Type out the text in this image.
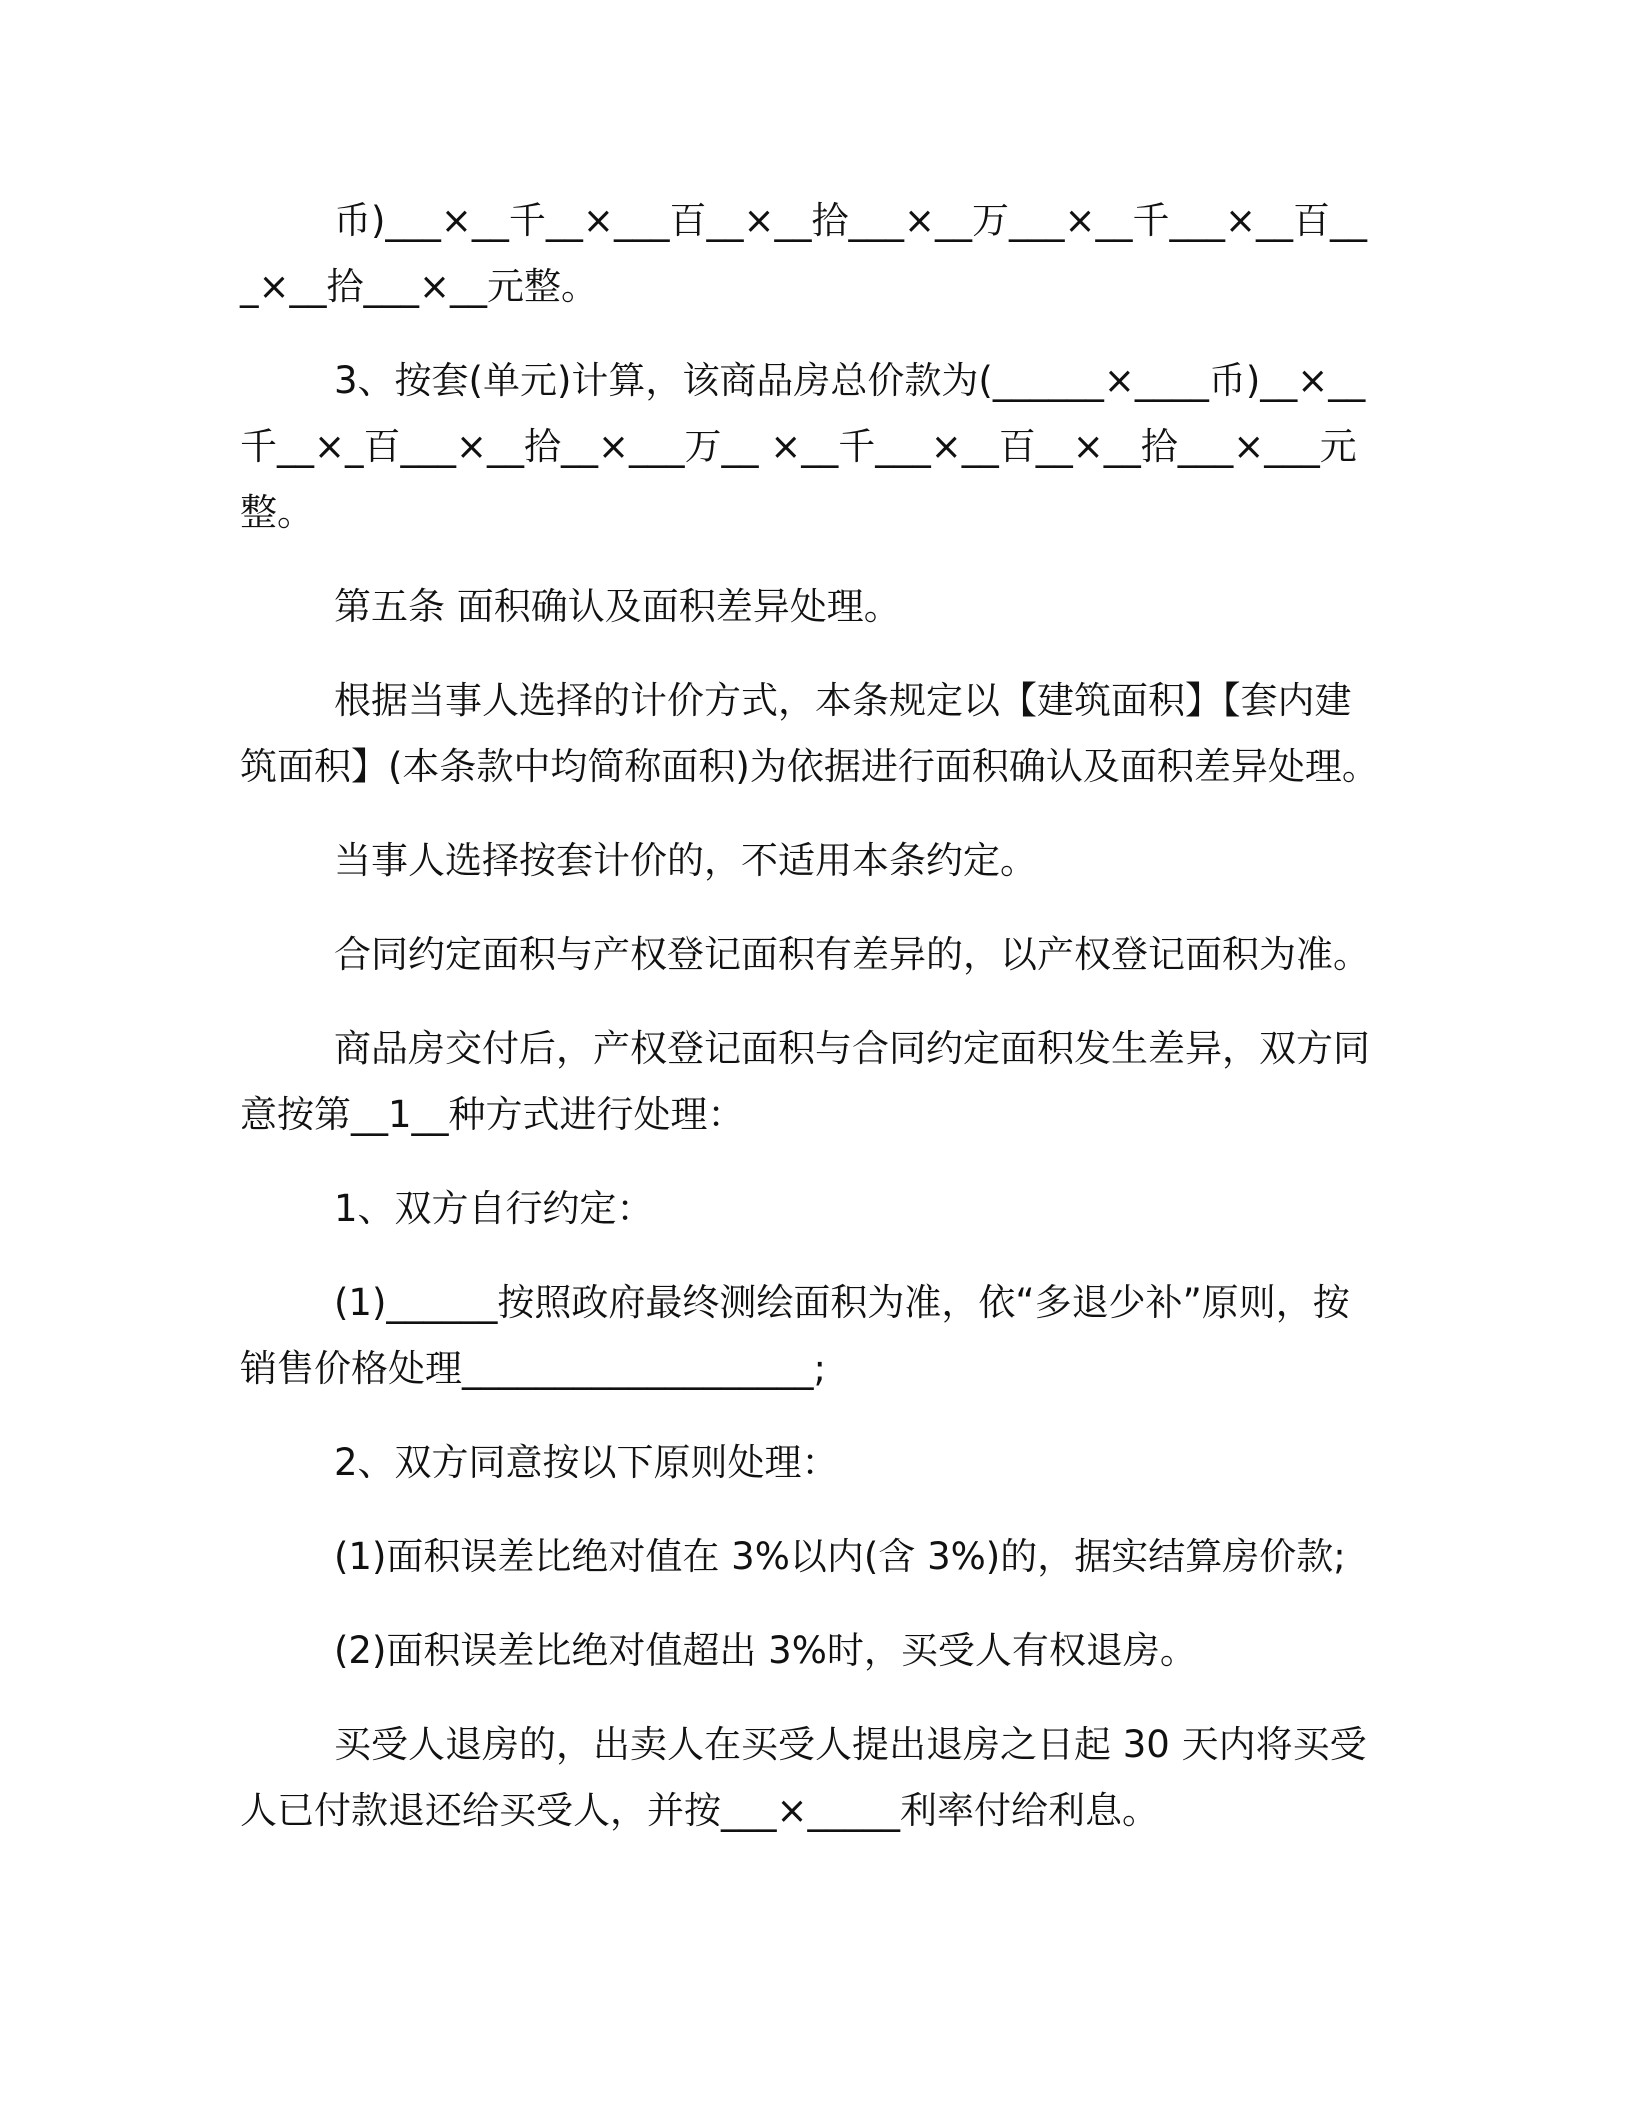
币)___×__千__×___百__×__拾___×__万___×__千___×__百___×__拾___×__元整。

3、按套(单元)计算，该商品房总价款为(______×____币)__×__千__×_百___×__拾__×___万__ ×__千___×__百__×__拾___×___元整。

第五条 面积确认及面积差异处理。

根据当事人选择的计价方式，本条规定以【建筑面积】【套内建筑面积】(本条款中均简称面积)为依据进行面积确认及面积差异处理。

当事人选择按套计价的，不适用本条约定。

合同约定面积与产权登记面积有差异的，以产权登记面积为准。

商品房交付后，产权登记面积与合同约定面积发生差异，双方同意按第__1__种方式进行处理：

1、双方自行约定：

(1)______按照政府最终测绘面积为准，依“多退少补”原则，按销售价格处理___________________;

2、双方同意按以下原则处理：

(1)面积误差比绝对值在 3%以内(含 3%)的，据实结算房价款;

(2)面积误差比绝对值超出 3%时，买受人有权退房。

买受人退房的，出卖人在买受人提出退房之日起 30 天内将买受人已付款退还给买受人，并按___×_____利率付给利息。
